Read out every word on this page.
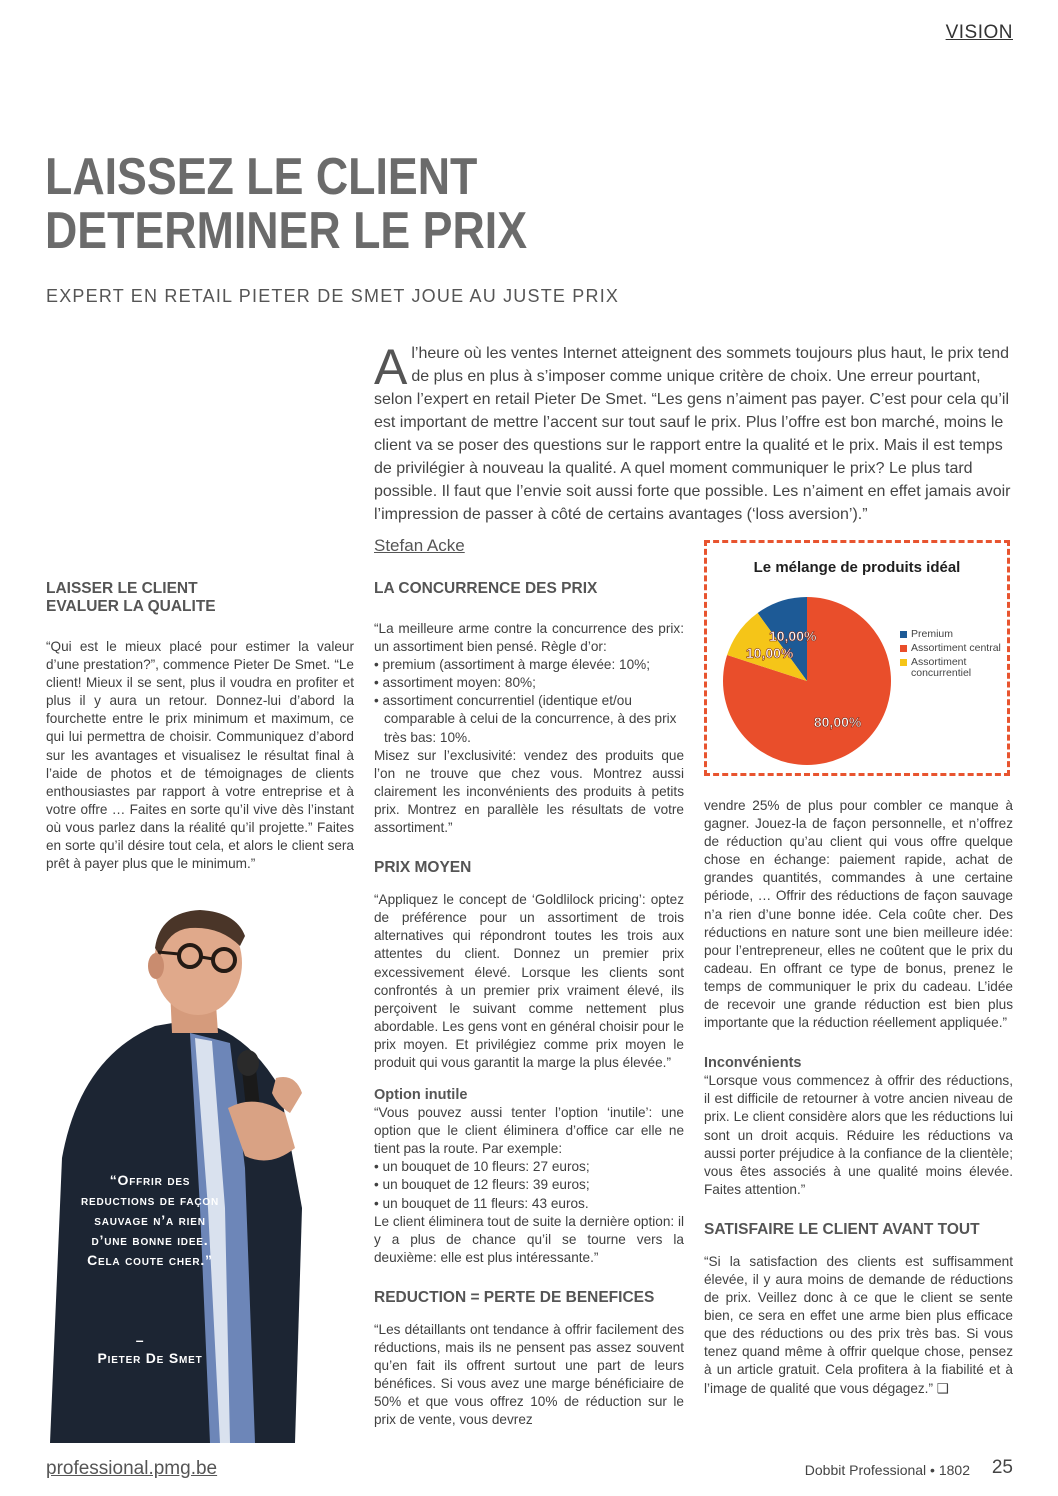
VISION
LAISSEZ LE CLIENT
DETERMINER LE PRIX
EXPERT EN RETAIL PIETER DE SMET JOUE AU JUSTE PRIX

Al’heure où les ventes Internet atteignent des sommets toujours plus haut, le prix tend de plus en plus à s’imposer comme unique critère de choix. Une erreur pourtant, selon l’expert en retail Pieter De Smet. “Les gens n’aiment pas payer. C’est pour cela qu’il est important de mettre l’accent sur tout sauf le prix. Plus l’offre est bon marché, moins le client va se poser des questions sur le rapport entre la qualité et le prix. Mais il est temps de privilégier à nouveau la qualité. A quel moment communiquer le prix? Le plus tard possible. Il faut que l’envie soit aussi forte que possible. Les n’aiment en effet jamais avoir l’impression de passer à côté de certains avantages (‘loss aversion’).”

Stefan Acke
LAISSER LE CLIENT
EVALUER LA QUALITE

“Qui est le mieux placé pour estimer la valeur d’une prestation?”, commence Pieter De Smet. “Le client! Mieux il se sent, plus il voudra en profiter et plus il y aura un retour. Donnez-lui d’abord la fourchette entre le prix minimum et maximum, ce qui lui permettra de choisir. Communiquez d’abord sur les avantages et visualisez le résultat final à l’aide de photos et de témoignages de clients enthousiastes par rapport à votre entreprise et à votre offre … Faites en sorte qu’il vive dès l’instant où vous parlez dans la réalité qu’il projette.” Faites en sorte qu’il désire tout cela, et alors le client sera prêt à payer plus que le minimum.”

“Offrir des reductions de façon sauvage n’a rien d’une bonne idee. Cela coute cher.”
–
Pieter De Smet
LA CONCURRENCE DES PRIX

“La meilleure arme contre la concurrence des prix: un assortiment bien pensé. Règle d’or:

• premium (assortiment à marge élevée: 10%;

• assortiment moyen: 80%;

• assortiment concurrentiel (identique et/ou comparable à celui de la concurrence, à des prix très bas: 10%.

Misez sur l’exclusivité: vendez des produits que l’on ne trouve que chez vous. Montrez aussi clairement les inconvénients des produits à petits prix. Montrez en parallèle les résultats de votre assortiment.”

PRIX MOYEN

“Appliquez le concept de ‘Goldlilock pricing’: optez de préférence pour un assortiment de trois alternatives qui répondront toutes les trois aux attentes du client. Donnez un premier prix excessivement élevé. Lorsque les clients sont confrontés à un premier prix vraiment élevé, ils perçoivent le suivant comme nettement plus abordable. Les gens vont en général choisir pour le prix moyen. Et privilégiez comme prix moyen le produit qui vous garantit la marge la plus élevée.”

Option inutile

“Vous pouvez aussi tenter l’option ‘inutile’: une option que le client éliminera d’office car elle ne tient pas la route. Par exemple:

• un bouquet de 10 fleurs: 27 euros;

• un bouquet de 12 fleurs: 39 euros;

• un bouquet de 11 fleurs: 43 euros.

Le client éliminera tout de suite la dernière option: il y a plus de chance qu’il se tourne vers la deuxième: elle est plus intéressante.”

REDUCTION = PERTE DE BENEFICES

“Les détaillants ont tendance à offrir facilement des réductions, mais ils ne pensent pas assez souvent qu’en fait ils offrent surtout une part de leurs bénéfices. Si vous avez une marge bénéficiaire de 50% et que vous offrez 10% de réduction sur le prix de vente, vous devrez

Le mélange de produits idéal
10,00%
80,00%
10,00%
Premium
Assortiment central
Assortiment concurrentiel

vendre 25% de plus pour combler ce manque à gagner. Jouez-la de façon personnelle, et n’offrez de réduction qu’au client qui vous offre quelque chose en échange: paiement rapide, achat de grandes quantités, commandes à une certaine période, … Offrir des réductions de façon sauvage n’a rien d’une bonne idée. Cela coûte cher. Des réductions en nature sont une bien meilleure idée: pour l’entrepreneur, elles ne coûtent que le prix du cadeau. En offrant ce type de bonus, prenez le temps de communiquer le prix du cadeau. L’idée de recevoir une grande réduction est bien plus importante que la réduction réellement appliquée.”

Inconvénients

“Lorsque vous commencez à offrir des réductions, il est difficile de retourner à votre ancien niveau de prix. Le client considère alors que les réductions lui sont un droit acquis. Réduire les réductions va aussi porter préjudice à la confiance de la clientèle; vous êtes associés à une qualité moins élevée. Faites attention.”

SATISFAIRE LE CLIENT AVANT TOUT

“Si la satisfaction des clients est suffisamment élevée, il y aura moins de demande de réductions de prix. Veillez donc à ce que le client se sente bien, ce sera en effet une arme bien plus efficace que des réductions ou des prix très bas. Si vous tenez quand même à offrir quelque chose, pensez à un article gratuit. Cela profitera à la fiabilité et à l’image de qualité que vous dégagez.” ❑

professional.pmg.be	Dobbit Professional • 1802 25
